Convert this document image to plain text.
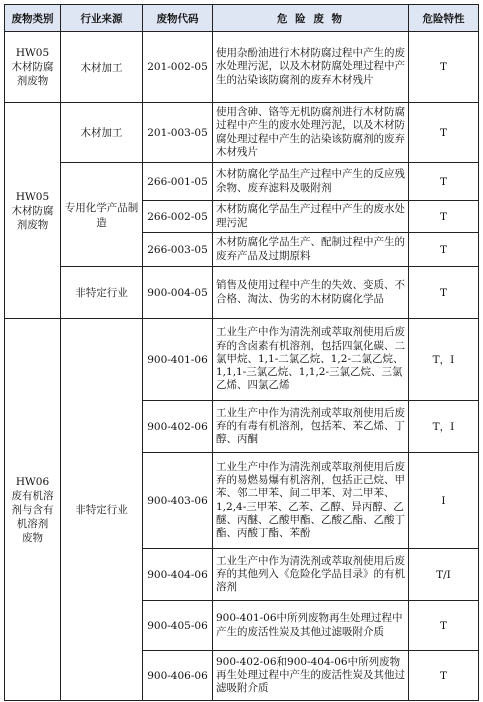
废物类别	行业来源	废物代码	危 险 废 物	危险特性
HW05
木材防腐
剂废物	木材加工	201-002-05	使用杂酚油进行木材防腐过程中产生的废水处理污泥，以及木材防腐处理过程中产生的沾染该防腐剂的废弃木材残片	T
HW05
木材防腐
剂废物	木材加工	201-003-05	使用含砷、铬等无机防腐剂进行木材防腐过程中产生的废水处理污泥，以及木材防腐处理过程中产生的沾染该防腐剂的废弃木材残片	T
	专用化学产品制造	266-001-05	木材防腐化学品生产过程中产生的反应残余物、废弃滤料及吸附剂	T
		266-002-05	木材防腐化学品生产过程中产生的废水处理污泥	T
		266-003-05	木材防腐化学品生产、配制过程中产生的废弃产品及过期原料	T
	非特定行业	900-004-05	销售及使用过程中产生的失效、变质、不合格、淘汰、伪劣的木材防腐化学品	T
HW06
废有机溶
剂与含有
机溶剂
废物	非特定行业	900-401-06	工业生产中作为清洗剂或萃取剂使用后废弃的含卤素有机溶剂，包括四氯化碳、二氯甲烷、1,1-二氯乙烷、1,2-二氯乙烷、1,1,1-三氯乙烷、1,1,2-三氯乙烷、三氯乙烯、四氯乙烯	T，I
		900-402-06	工业生产中作为清洗剂或萃取剂使用后废弃的有毒有机溶剂，包括苯、苯乙烯、丁醇、丙酮	T，I
		900-403-06	工业生产中作为清洗剂或萃取剂使用后废弃的易燃易爆有机溶剂，包括正己烷、甲苯、邻二甲苯、间二甲苯、对二甲苯、1,2,4-三甲苯、乙苯、乙醇、异丙醇、乙醚、丙醚、乙酸甲酯、乙酸乙酯、乙酸丁酯、丙酸丁酯、苯酚	I
		900-404-06	工业生产中作为清洗剂或萃取剂使用后废弃的其他列入《危险化学品目录》的有机溶剂	T/I
		900-405-06	900-401-06中所列废物再生处理过程中产生的废活性炭及其他过滤吸附介质	T
		900-406-06	900-402-06和900-404-06中所列废物再生处理过程中产生的废活性炭及其他过滤吸附介质	T
